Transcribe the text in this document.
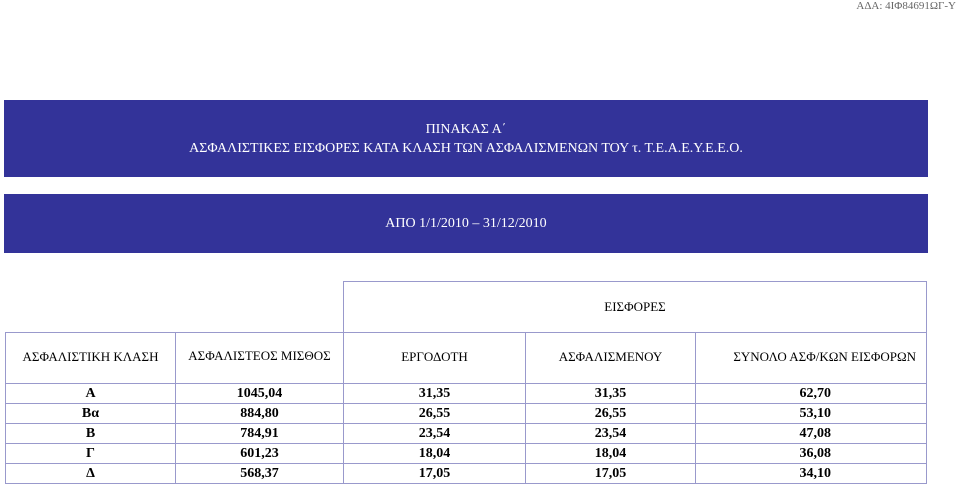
ΑΔΑ: 4ΙΦ84691ΩΓ-Υ
ΠΙΝΑΚΑΣ Α΄
ΑΣΦΑΛΙΣΤΙΚΕΣ ΕΙΣΦΟΡΕΣ ΚΑΤΑ ΚΛΑΣΗ ΤΩΝ ΑΣΦΑΛΙΣΜΕΝΩΝ ΤΟΥ τ. Τ.Ε.Α.Ε.Υ.Ε.Ε.Ο.
ΑΠΟ 1/1/2010 – 31/12/2010
		ΕΙΣΦΟΡΕΣ		
ΑΣΦΑΛΙΣΤΙΚΗ ΚΛΑΣΗ	ΑΣΦΑΛΙΣΤΕΟΣ ΜΙΣΘΟΣ	ΕΡΓΟΔΟΤΗ	ΑΣΦΑΛΙΣΜΕΝΟΥ	ΣΥΝΟΛΟ ΑΣΦ/ΚΩΝ ΕΙΣΦΟΡΩΝ
Α	1045,04	31,35	31,35	62,70
Βα	884,80	26,55	26,55	53,10
Β	784,91	23,54	23,54	47,08
Γ	601,23	18,04	18,04	36,08
Δ	568,37	17,05	17,05	34,10
